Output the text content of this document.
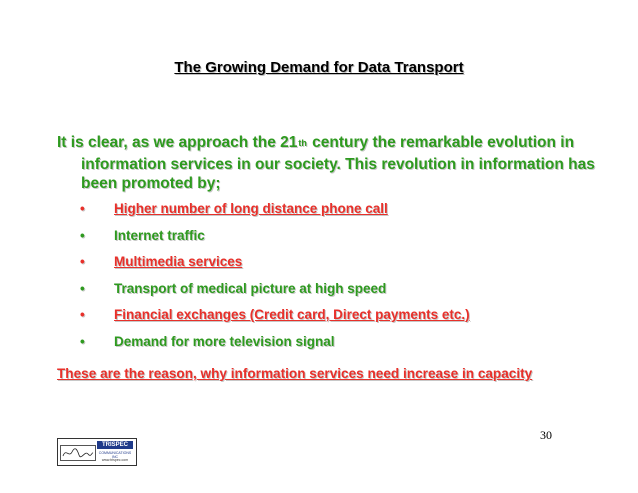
The Growing Demand for Data Transport
It is clear, as we approach the 21th century the remarkable evolution in information services in our society. This revolution in information has been promoted by;
• Higher number of long distance phone call
• Internet traffic
• Multimedia services
• Transport of medical picture at high speed
• Financial exchanges (Credit card, Direct payments etc.)
• Demand for more television signal
These are the reason, why information services need increase in capacity
30
TRISPEC
COMMUNICATIONS INC
www.trispec.com
